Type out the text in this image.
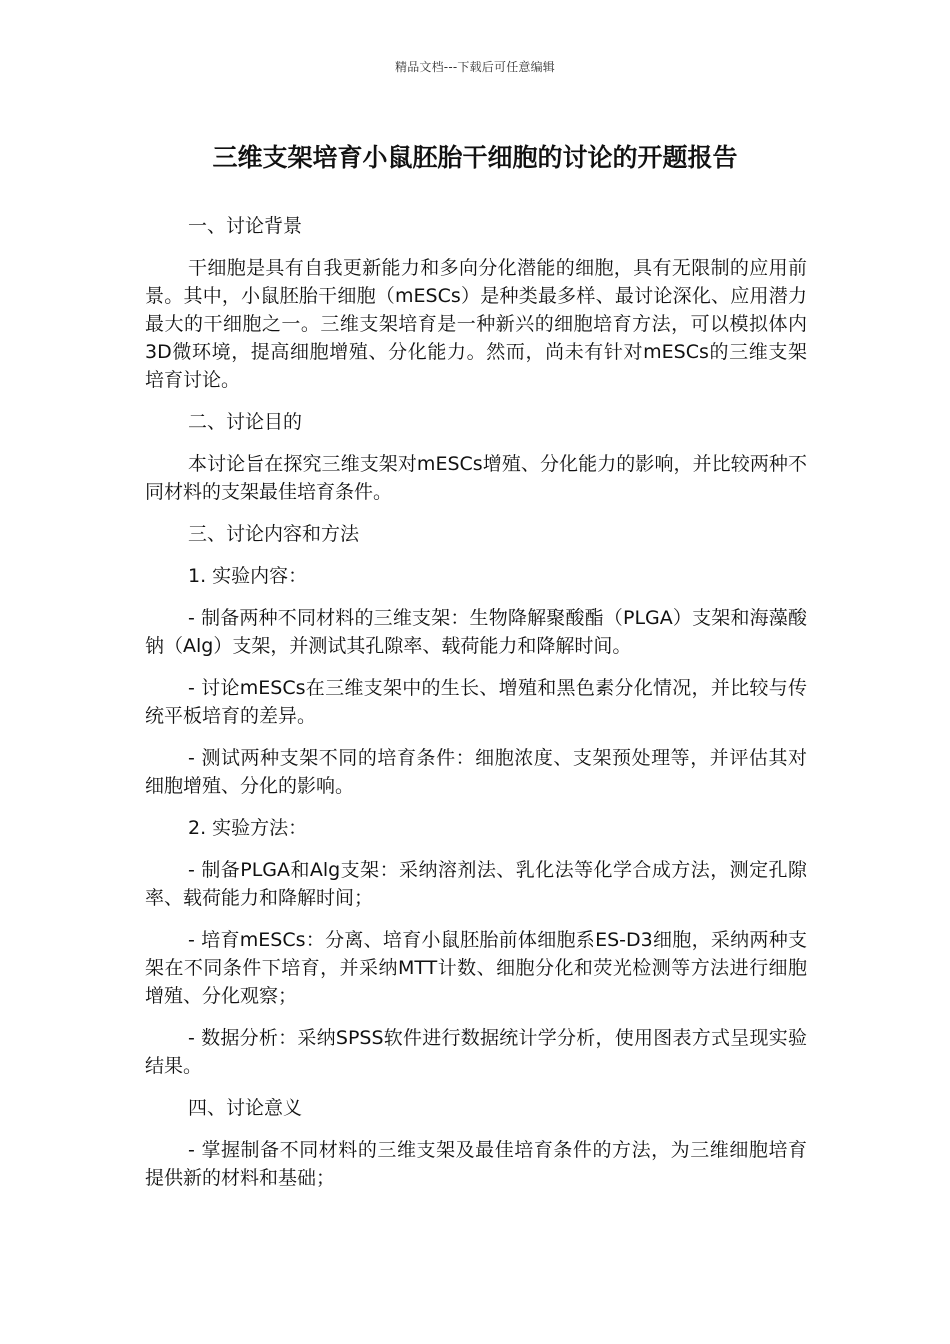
精品文档---下载后可任意编辑
三维支架培育小鼠胚胎干细胞的讨论的开题报告

一、讨论背景

干细胞是具有自我更新能力和多向分化潜能的细胞，具有无限制的应用前景。其中，小鼠胚胎干细胞（mESCs）是种类最多样、最讨论深化、应用潜力最大的干细胞之一。三维支架培育是一种新兴的细胞培育方法，可以模拟体内3D微环境，提高细胞增殖、分化能力。然而，尚未有针对mESCs的三维支架培育讨论。

二、讨论目的

本讨论旨在探究三维支架对mESCs增殖、分化能力的影响，并比较两种不同材料的支架最佳培育条件。

三、讨论内容和方法

1. 实验内容：

- 制备两种不同材料的三维支架：生物降解聚酸酯（PLGA）支架和海藻酸钠（Alg）支架，并测试其孔隙率、载荷能力和降解时间。

- 讨论mESCs在三维支架中的生长、增殖和黑色素分化情况，并比较与传统平板培育的差异。

- 测试两种支架不同的培育条件：细胞浓度、支架预处理等，并评估其对细胞增殖、分化的影响。

2. 实验方法：

- 制备PLGA和Alg支架：采纳溶剂法、乳化法等化学合成方法，测定孔隙率、载荷能力和降解时间；

- 培育mESCs：分离、培育小鼠胚胎前体细胞系ES-D3细胞，采纳两种支架在不同条件下培育，并采纳MTT计数、细胞分化和荧光检测等方法进行细胞增殖、分化观察；

- 数据分析：采纳SPSS软件进行数据统计学分析，使用图表方式呈现实验结果。

四、讨论意义

- 掌握制备不同材料的三维支架及最佳培育条件的方法，为三维细胞培育提供新的材料和基础；
